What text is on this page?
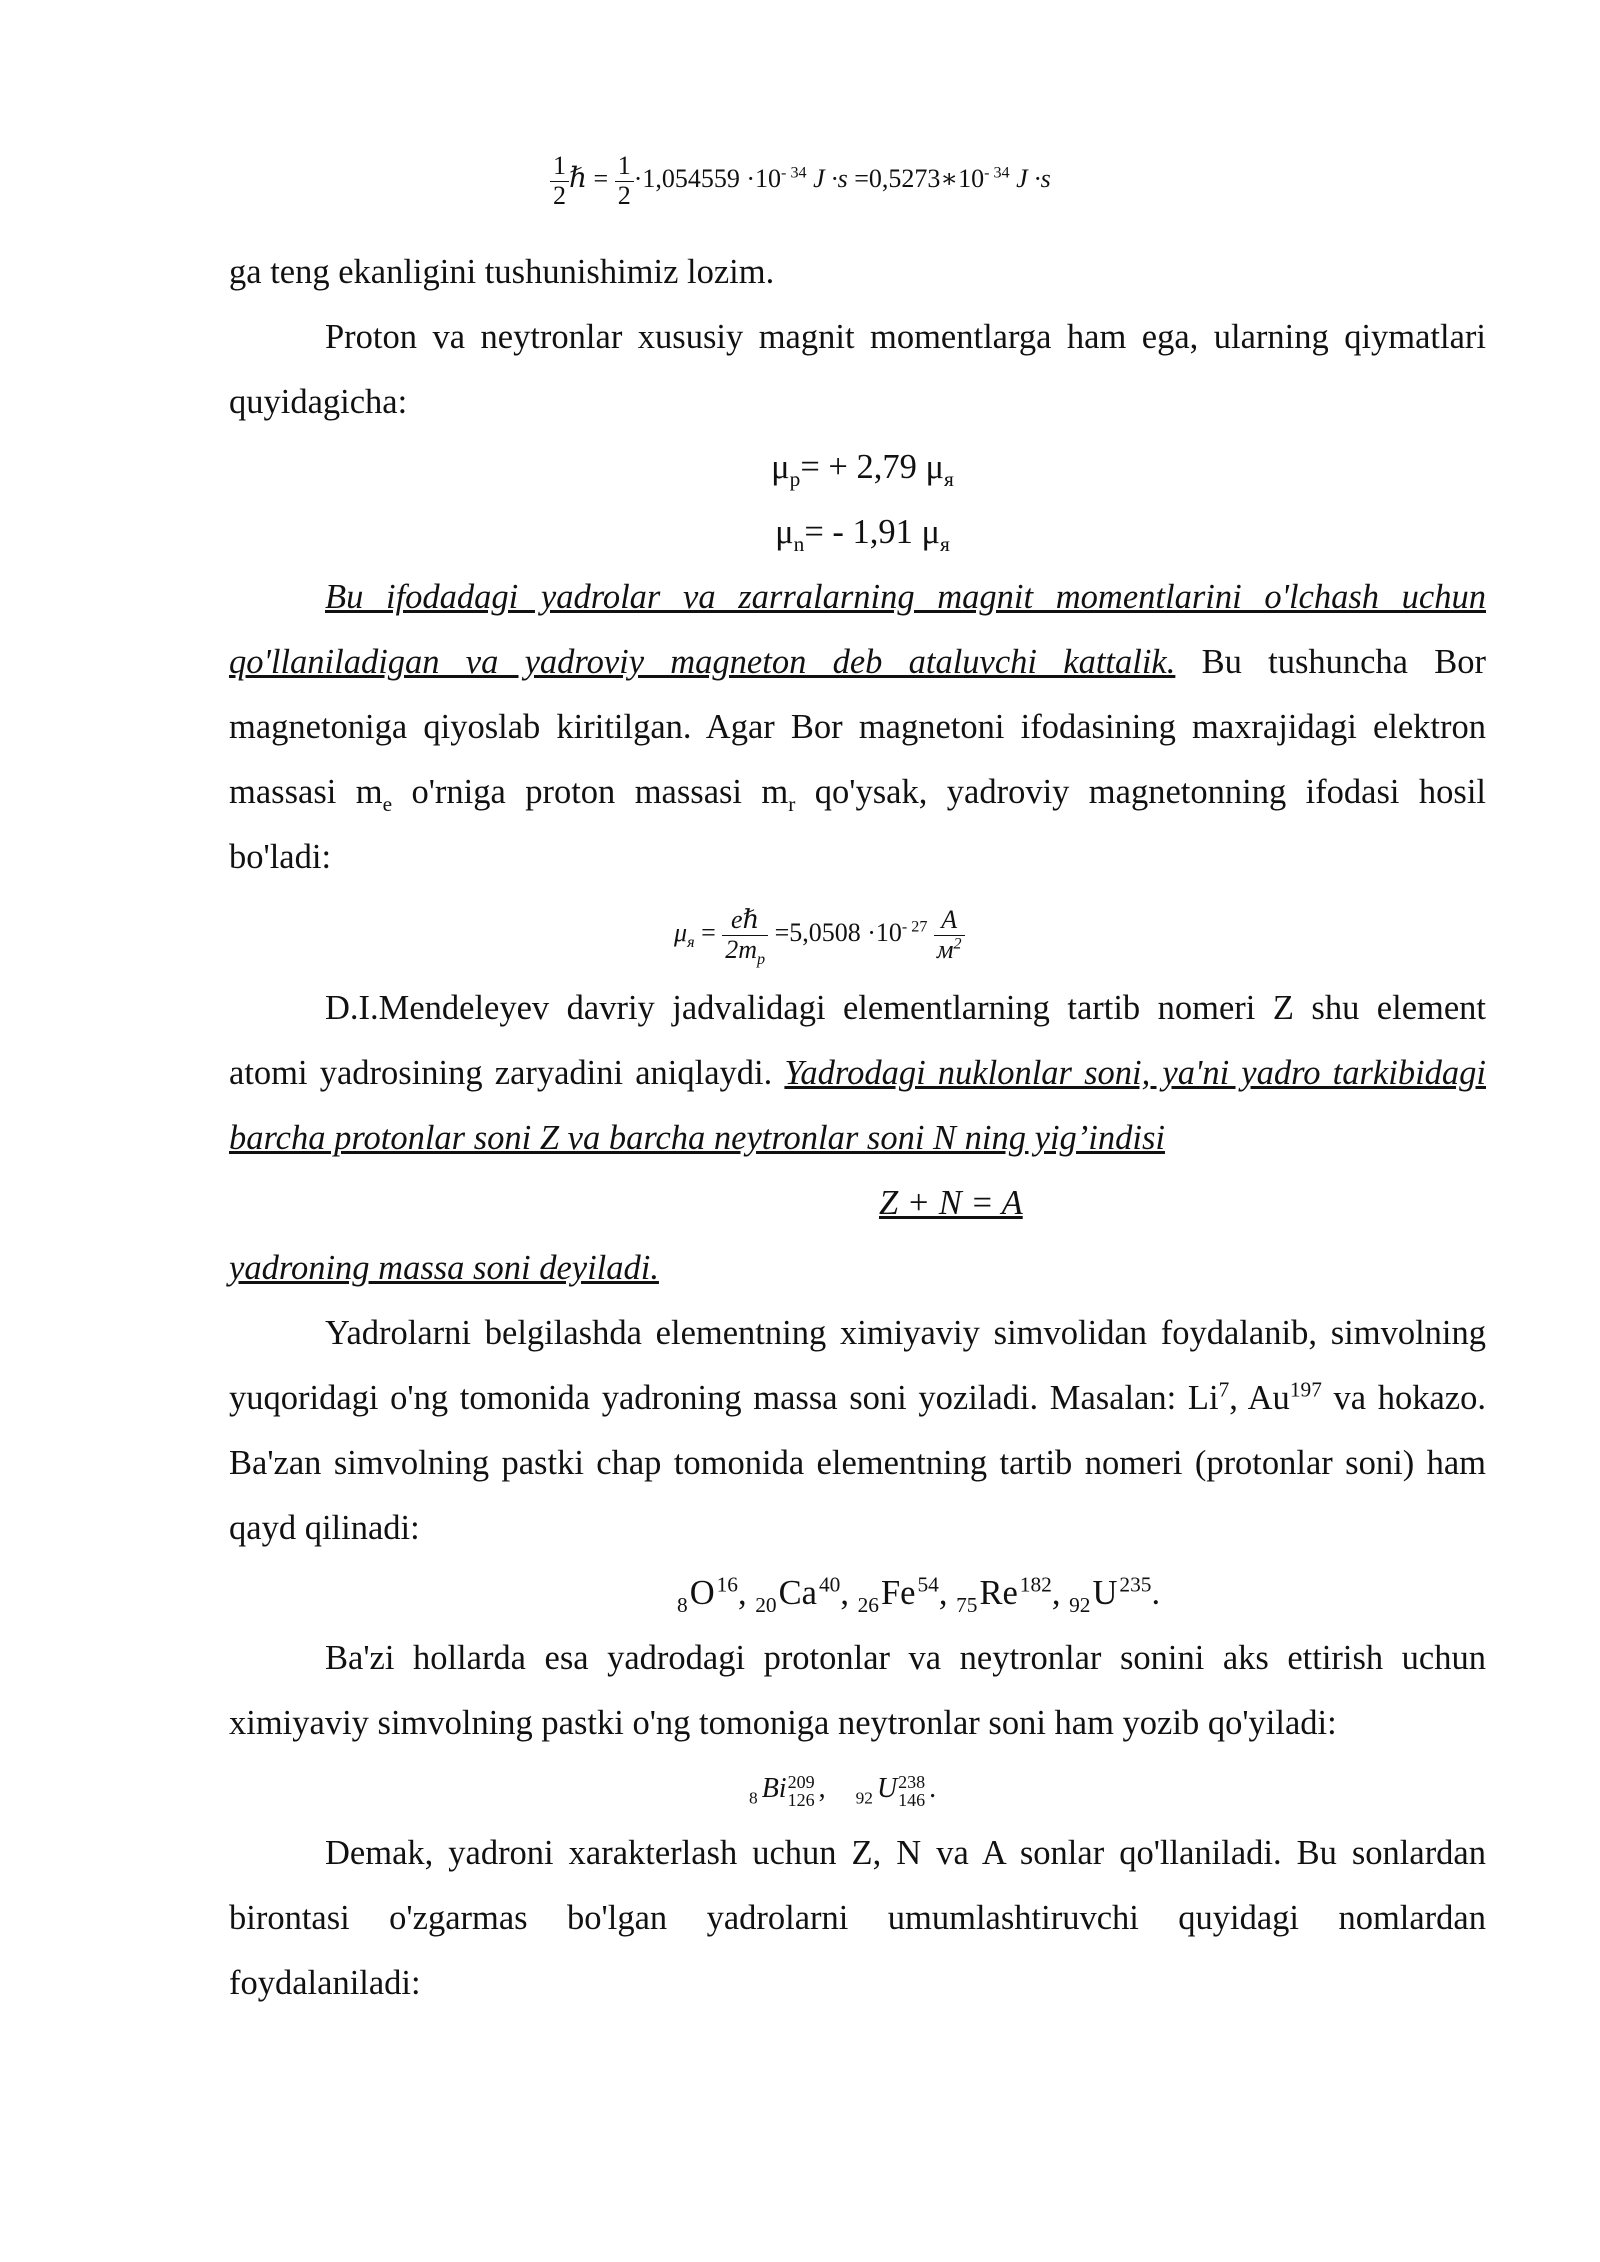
$\frac{1}{2}$ ℏ = $\frac{1}{2} \cdot 1,054559 \cdot 10^{- 34}$ $J \cdot s =0,5273∗10^{- 34}$ J ·s

ga teng ekanligini tushunishimiz lozim.

Proton va neytronlar xususiy magnit momentlarga ham ega, ularning qiymatlari quyidagicha:

$\mu_p= + 2,79$ $\mu_я$

$\mu_n= - 1,91$ $\mu_я$

Bu ifodadagi yadrolar va zarralarning magnit momentlarini o'lchash uchun qo'llaniladigan va yadroviy magneton deb ataluvchi kattalik. Bu tushuncha Bor magnetoniga qiyoslab kiritilgan. Agar Bor magnetoni ifodasining maxrajidagi elektron massasi $m_e$ o'rniga proton massasi $m_r$ qo'ysak, yadroviy magnetonning ifodasi hosil bo'ladi:

$\mu_я = \frac{\text{eℏ}}{2m_p} =5,0508 \cdot 10^{- 27} \frac{A}{м^2}$

D.I.Mendeleyev davriy jadvalidagi elementlarning tartib nomeri Z shu element atomi yadrosining zaryadini aniqlaydi. Yadrodagi nuklonlar soni, ya'ni yadro tarkibidagi barcha protonlar soni Z va barcha neytronlar soni N ning yig’indisi

Z + N = A

yadroning massa soni deyiladi.

Yadrolarni belgilashda elementning ximiyaviy simvolidan foydalanib, simvolning yuqoridagi o'ng tomonida yadroning massa soni yoziladi. Masalan: Li$^7$, Au$^{197}$ va hokazo. Ba'zan simvolning pastki chap tomonida elementning tartib nomeri (protonlar soni) ham qayd qilinadi:

$_8O^{16}$, $_{20}Ca^{40}$, $_{26}Fe^{54}$, $_{75}Re^{182}$, $_{92}U^{235}$.

Ba'zi hollarda esa yadrodagi protonlar va neytronlar sonini aks ettirish uchun ximiyaviy simvolning pastki o'ng tomoniga neytronlar soni ham yozib qo'yiladi:

$_8$ Bi 209
126 , $_{92}$ U 238
146 .

Demak, yadroni xarakterlash uchun Z, N va A sonlar qo'llaniladi. Bu sonlardan birontasi o'zgarmas bo'lgan yadrolarni umumlashtiruvchi quyidagi nomlardan foydalaniladi:
